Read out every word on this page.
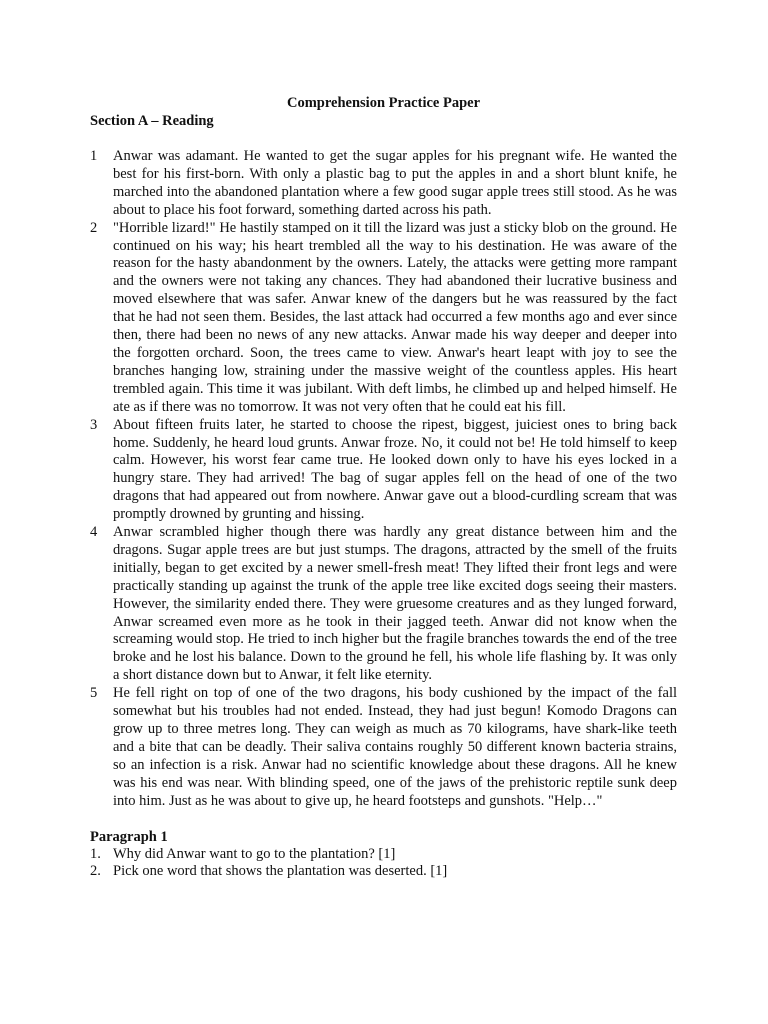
Comprehension Practice Paper

Section A – Reading

1	Anwar was adamant. He wanted to get the sugar apples for his pregnant wife. He wanted the best for his first-born. With only a plastic bag to put the apples in and a short blunt knife, he marched into the abandoned plantation where a few good sugar apple trees still stood. As he was about to place his foot forward, something darted across his path.
2	"Horrible lizard!" He hastily stamped on it till the lizard was just a sticky blob on the ground. He continued on his way; his heart trembled all the way to his destination. He was aware of the reason for the hasty abandonment by the owners. Lately, the attacks were getting more rampant and the owners were not taking any chances. They had abandoned their lucrative business and moved elsewhere that was safer. Anwar knew of the dangers but he was reassured by the fact that he had not seen them. Besides, the last attack had occurred a few months ago and ever since then, there had been no news of any new attacks. Anwar made his way deeper and deeper into the forgotten orchard. Soon, the trees came to view. Anwar's heart leapt with joy to see the branches hanging low, straining under the massive weight of the countless apples. His heart trembled again. This time it was jubilant. With deft limbs, he climbed up and helped himself. He ate as if there was no tomorrow. It was not very often that he could eat his fill.
3	About fifteen fruits later, he started to choose the ripest, biggest, juiciest ones to bring back home. Suddenly, he heard loud grunts. Anwar froze. No, it could not be! He told himself to keep calm. However, his worst fear came true. He looked down only to have his eyes locked in a hungry stare. They had arrived! The bag of sugar apples fell on the head of one of the two dragons that had appeared out from nowhere. Anwar gave out a blood-curdling scream that was promptly drowned by grunting and hissing.
4	Anwar scrambled higher though there was hardly any great distance between him and the dragons. Sugar apple trees are but just stumps. The dragons, attracted by the smell of the fruits initially, began to get excited by a newer smell-fresh meat! They lifted their front legs and were practically standing up against the trunk of the apple tree like excited dogs seeing their masters. However, the similarity ended there. They were gruesome creatures and as they lunged forward, Anwar screamed even more as he took in their jagged teeth. Anwar did not know when the screaming would stop. He tried to inch higher but the fragile branches towards the end of the tree broke and he lost his balance. Down to the ground he fell, his whole life flashing by. It was only a short distance down but to Anwar, it felt like eternity.
5	He fell right on top of one of the two dragons, his body cushioned by the impact of the fall somewhat but his troubles had not ended. Instead, they had just begun! Komodo Dragons can grow up to three metres long. They can weigh as much as 70 kilograms, have shark-like teeth and a bite that can be deadly. Their saliva contains roughly 50 different known bacteria strains, so an infection is a risk. Anwar had no scientific knowledge about these dragons. All he knew was his end was near. With blinding speed, one of the jaws of the prehistoric reptile sunk deep into him. Just as he was about to give up, he heard footsteps and gunshots. "Help…"

Paragraph 1

1. Why did Anwar want to go to the plantation? [1]
2. Pick one word that shows the plantation was deserted. [1]
